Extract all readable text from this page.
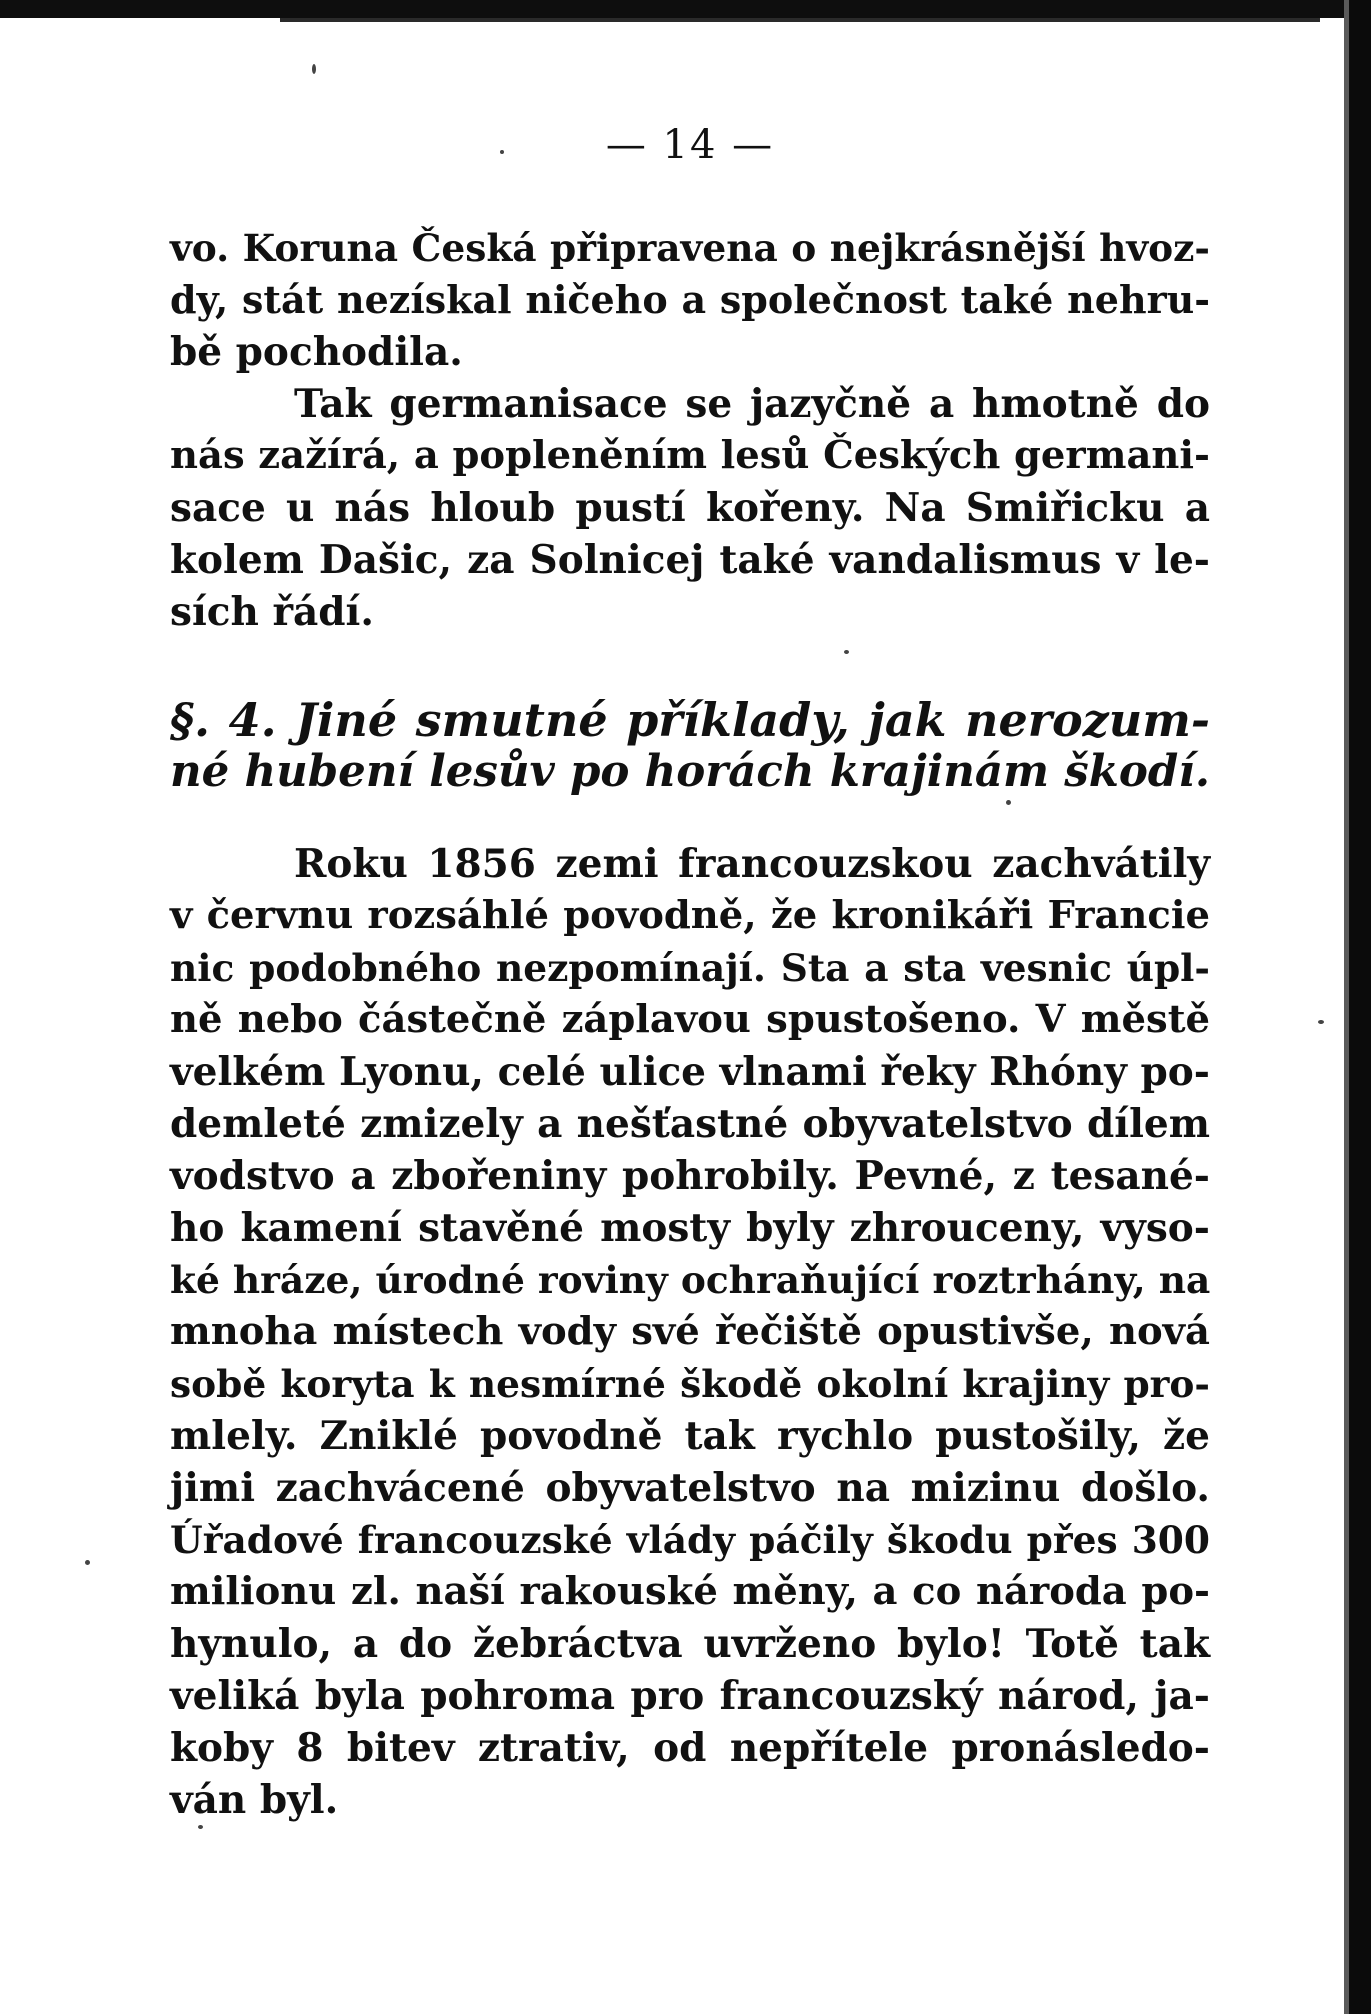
— 14 —
vo. Koruna Česká připravena o nejkrásnější hvoz-
dy, stát nezískal ničeho a společnost také nehru-
bě pochodila.
Tak germanisace se jazyčně a hmotně do
nás zažírá, a popleněním lesů Českých germani-
sace u nás hloub pustí kořeny. Na Smiřicku a
kolem Dašic, za Solnicej také vandalismus v le-
sích řádí.
§. 4. Jiné smutné příklady, jak nerozum-
né hubení lesův po horách krajinám škodí.
Roku 1856 zemi francouzskou zachvátily
v červnu rozsáhlé povodně, že kronikáři Francie
nic podobného nezpomínají. Sta a sta vesnic úpl-
ně nebo částečně záplavou spustošeno. V městě
velkém Lyonu, celé ulice vlnami řeky Rhóny po-
demleté zmizely a nešťastné obyvatelstvo dílem
vodstvo a zbořeniny pohrobily. Pevné, z tesané-
ho kamení stavěné mosty byly zhrouceny, vyso-
ké hráze, úrodné roviny ochraňující roztrhány, na
mnoha místech vody své řečiště opustivše, nová
sobě koryta k nesmírné škodě okolní krajiny pro-
mlely. Zniklé povodně tak rychlo pustošily, že
jimi zachvácené obyvatelstvo na mizinu došlo.
Úřadové francouzské vlády páčily škodu přes 300
milionu zl. naší rakouské měny, a co národa po-
hynulo, a do žebráctva uvrženo bylo! Totě tak
veliká byla pohroma pro francouzský národ, ja-
koby 8 bitev ztrativ, od nepřítele pronásledo-
ván byl.
